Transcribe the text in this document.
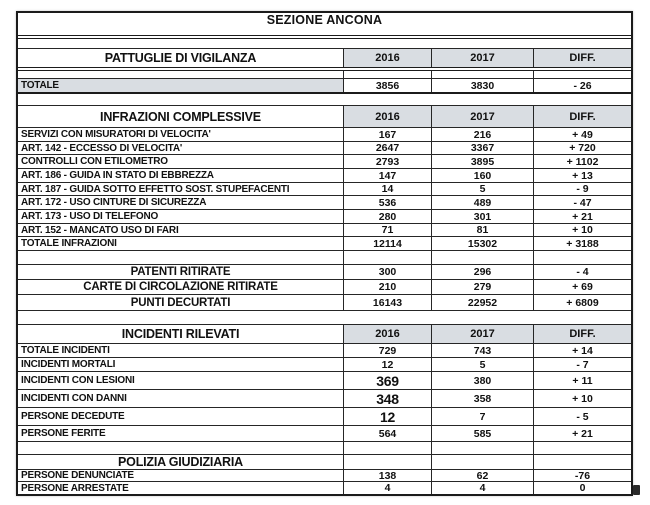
SEZIONE ANCONA
PATTUGLIE DI VIGILANZA	2016	2017	DIFF.
TOTALE	3856	3830	- 26
INFRAZIONI COMPLESSIVE	2016	2017	DIFF.
SERVIZI CON MISURATORI DI VELOCITA'	167	216	+ 49
ART. 142 - ECCESSO DI VELOCITA'	2647	3367	+ 720
CONTROLLI CON ETILOMETRO	2793	3895	+ 1102
ART. 186 - GUIDA IN STATO DI EBBREZZA	147	160	+ 13
ART. 187 - GUIDA SOTTO EFFETTO SOST. STUPEFACENTI	14	5	- 9
ART. 172 - USO CINTURE DI SICUREZZA	536	489	- 47
ART. 173 - USO DI TELEFONO	280	301	+ 21
ART. 152 - MANCATO USO DI FARI	71	81	+ 10
TOTALE INFRAZIONI	12114	15302	+ 3188
PATENTI RITIRATE	300	296	- 4
CARTE DI CIRCOLAZIONE RITIRATE	210	279	+ 69
PUNTI DECURTATI	16143	22952	+ 6809
INCIDENTI RILEVATI	2016	2017	DIFF.
TOTALE INCIDENTI	729	743	+ 14
INCIDENTI MORTALI	12	5	- 7
INCIDENTI CON LESIONI	369	380	+ 11
INCIDENTI CON DANNI	348	358	+ 10
PERSONE DECEDUTE	12	7	- 5
PERSONE FERITE	564	585	+ 21
POLIZIA GIUDIZIARIA
PERSONE DENUNCIATE	138	62	-76
PERSONE ARRESTATE	4	4	0
